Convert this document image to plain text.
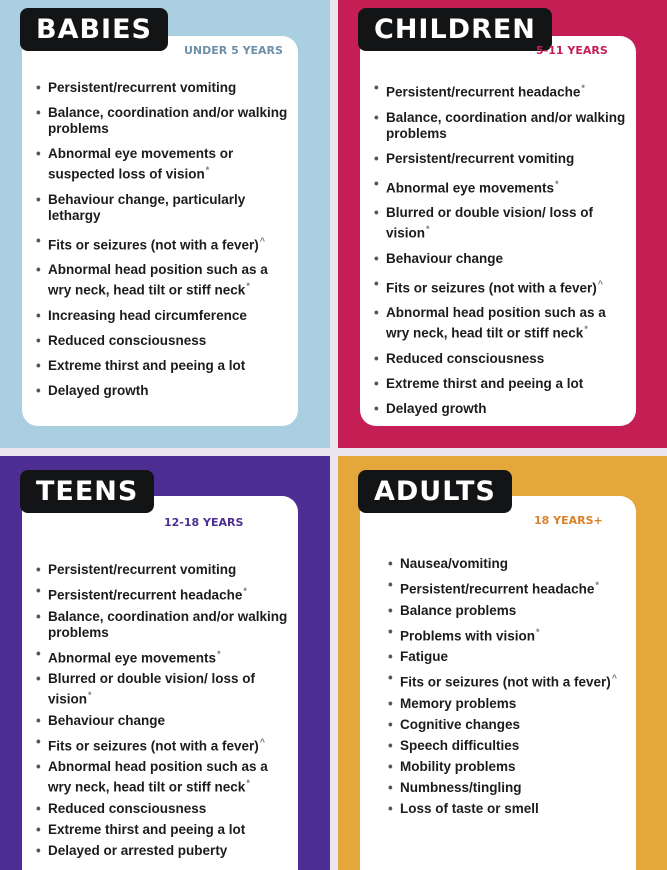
BABIES
UNDER 5 YEARS
• Persistent/recurrent vomiting
• Balance, coordination and/or walking problems
• Abnormal eye movements or suspected loss of vision*
• Behaviour change, particularly lethargy
• Fits or seizures (not with a fever)^
• Abnormal head position such as a wry neck, head tilt or stiff neck*
• Increasing head circumference
• Reduced consciousness
• Extreme thirst and peeing a lot
• Delayed growth
CHILDREN
5-11 YEARS
• Persistent/recurrent headache*
• Balance, coordination and/or walking problems
• Persistent/recurrent vomiting
• Abnormal eye movements*
• Blurred or double vision/ loss of vision*
• Behaviour change
• Fits or seizures (not with a fever)^
• Abnormal head position such as a wry neck, head tilt or stiff neck*
• Reduced consciousness
• Extreme thirst and peeing a lot
• Delayed growth
TEENS
12-18 YEARS
• Persistent/recurrent vomiting
• Persistent/recurrent headache*
• Balance, coordination and/or walking problems
• Abnormal eye movements*
• Blurred or double vision/ loss of vision*
• Behaviour change
• Fits or seizures (not with a fever)^
• Abnormal head position such as a wry neck, head tilt or stiff neck*
• Reduced consciousness
• Extreme thirst and peeing a lot
• Delayed or arrested puberty
ADULTS
18 YEARS+
• Nausea/vomiting
• Persistent/recurrent headache*
• Balance problems
• Problems with vision*
• Fatigue
• Fits or seizures (not with a fever)^
• Memory problems
• Cognitive changes
• Speech difficulties
• Mobility problems
• Numbness/tingling
• Loss of taste or smell
